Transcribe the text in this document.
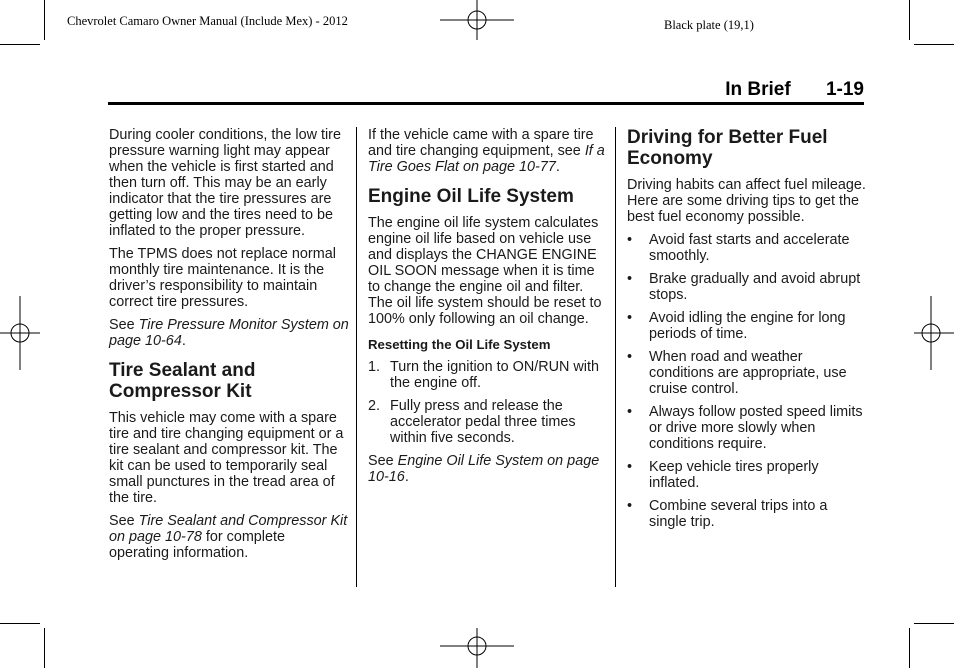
Chevrolet Camaro Owner Manual (Include Mex) - 2012	Black plate (19,1)
In Brief 1-19

During cooler conditions, the low tire pressure warning light may appear when the vehicle is first started and then turn off. This may be an early indicator that the tire pressures are getting low and the tires need to be inflated to the proper pressure.

The TPMS does not replace normal monthly tire maintenance. It is the driver’s responsibility to maintain correct tire pressures.

See Tire Pressure Monitor System on page 10-64.

Tire Sealant and Compressor Kit

This vehicle may come with a spare tire and tire changing equipment or a tire sealant and compressor kit. The kit can be used to temporarily seal small punctures in the tread area of the tire.

See Tire Sealant and Compressor Kit on page 10-78 for complete operating information.

If the vehicle came with a spare tire and tire changing equipment, see If a Tire Goes Flat on page 10-77.

Engine Oil Life System

The engine oil life system calculates engine oil life based on vehicle use and displays the CHANGE ENGINE OIL SOON message when it is time to change the engine oil and filter. The oil life system should be reset to 100% only following an oil change.

Resetting the Oil Life System
1. Turn the ignition to ON/RUN with the engine off.
2. Fully press and release the accelerator pedal three times within five seconds.

See Engine Oil Life System on page 10-16.

Driving for Better Fuel Economy

Driving habits can affect fuel mileage. Here are some driving tips to get the best fuel economy possible.

• Avoid fast starts and accelerate smoothly.
• Brake gradually and avoid abrupt stops.
• Avoid idling the engine for long periods of time.
• When road and weather conditions are appropriate, use cruise control.
• Always follow posted speed limits or drive more slowly when conditions require.
• Keep vehicle tires properly inflated.
• Combine several trips into a single trip.
